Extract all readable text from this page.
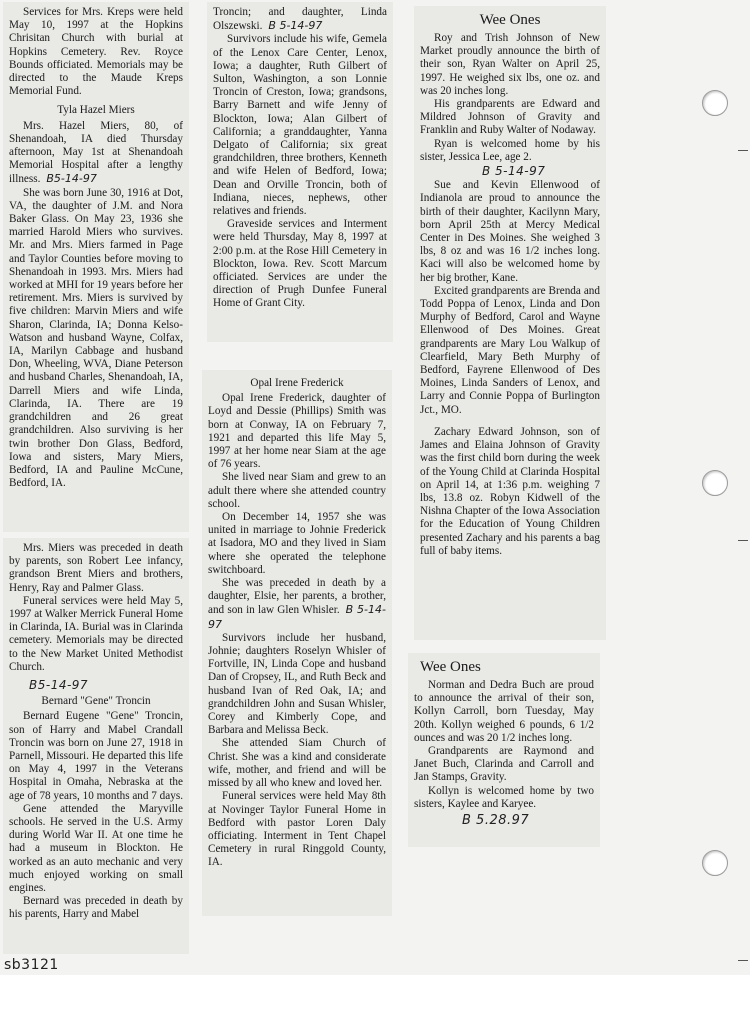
Services for Mrs. Kreps were held May 10, 1997 at the Hopkins Chrisitan Church with burial at Hopkins Cemetery. Rev. Royce Bounds officiated. Memorials may be directed to the Maude Kreps Memorial Fund.

Tyla Hazel Miers

Mrs. Hazel Miers, 80, of Shenandoah, IA died Thursday afternoon, May 1st at Shenandoah Memorial Hospital after a lengthy illness. B5-14-97

She was born June 30, 1916 at Dot, VA, the daughter of J.M. and Nora Baker Glass. On May 23, 1936 she married Harold Miers who survives. Mr. and Mrs. Miers farmed in Page and Taylor Counties before moving to Shenandoah in 1993. Mrs. Miers had worked at MHI for 19 years before her retirement. Mrs. Miers is survived by five children: Marvin Miers and wife Sharon, Clarinda, IA; Donna Kelso-Watson and husband Wayne, Colfax, IA, Marilyn Cabbage and husband Don, Wheeling, WVA, Diane Peterson and husband Charles, Shenandoah, IA, Darrell Miers and wife Linda, Clarinda, IA. There are 19 grandchildren and 26 great grandchildren. Also surviving is her twin brother Don Glass, Bedford, Iowa and sisters, Mary Miers, Bedford, IA and Pauline McCune, Bedford, IA.

Mrs. Miers was preceded in death by parents, son Robert Lee infancy, grandson Brent Miers and brothers, Henry, Ray and Palmer Glass.

Funeral services were held May 5, 1997 at Walker Merrick Funeral Home in Clarinda, IA. Burial was in Clarinda cemetery. Memorials may be directed to the New Market United Methodist Church.

B5-14-97
Bernard "Gene" Troncin

Bernard Eugene "Gene" Troncin, son of Harry and Mabel Crandall Troncin was born on June 27, 1918 in Parnell, Missouri. He departed this life on May 4, 1997 in the Veterans Hospital in Omaha, Nebraska at the age of 78 years, 10 months and 7 days.

Gene attended the Maryville schools. He served in the U.S. Army during World War II. At one time he had a museum in Blockton. He worked as an auto mechanic and very much enjoyed working on small engines.

Bernard was preceded in death by his parents, Harry and Mabel

Troncin; and daughter, Linda Olszewski. B 5-14-97

Survivors include his wife, Gemela of the Lenox Care Center, Lenox, Iowa; a daughter, Ruth Gilbert of Sulton, Washington, a son Lonnie Troncin of Creston, Iowa; grandsons, Barry Barnett and wife Jenny of Blockton, Iowa; Alan Gilbert of California; a granddaughter, Yanna Delgato of California; six great grandchildren, three brothers, Kenneth and wife Helen of Bedford, Iowa; Dean and Orville Troncin, both of Indiana, nieces, nephews, other relatives and friends.

Graveside services and Interment were held Thursday, May 8, 1997 at 2:00 p.m. at the Rose Hill Cemetery in Blockton, Iowa. Rev. Scott Marcum officiated. Services are under the direction of Prugh Dunfee Funeral Home of Grant City.

Opal Irene Frederick

Opal Irene Frederick, daughter of Loyd and Dessie (Phillips) Smith was born at Conway, IA on February 7, 1921 and departed this life May 5, 1997 at her home near Siam at the age of 76 years.

She lived near Siam and grew to an adult there where she attended country school.

On December 14, 1957 she was united in marriage to Johnie Frederick at Isadora, MO and they lived in Siam where she operated the telephone switchboard.

She was preceded in death by a daughter, Elsie, her parents, a brother, and son in law Glen Whisler. B 5-14-97

Survivors include her husband, Johnie; daughters Roselyn Whisler of Fortville, IN, Linda Cope and husband Dan of Cropsey, IL, and Ruth Beck and husband Ivan of Red Oak, IA; and grandchildren John and Susan Whisler, Corey and Kimberly Cope, and Barbara and Melissa Beck.

She attended Siam Church of Christ. She was a kind and considerate wife, mother, and friend and will be missed by all who knew and loved her.

Funeral services were held May 8th at Novinger Taylor Funeral Home in Bedford with pastor Loren Daly officiating. Interment in Tent Chapel Cemetery in rural Ringgold County, IA.

Wee Ones

Roy and Trish Johnson of New Market proudly announce the birth of their son, Ryan Walter on April 25, 1997. He weighed six lbs, one oz. and was 20 inches long.

His grandparents are Edward and Mildred Johnson of Gravity and Franklin and Ruby Walter of Nodaway.

Ryan is welcomed home by his sister, Jessica Lee, age 2.

B 5-14-97

Sue and Kevin Ellenwood of Indianola are proud to announce the birth of their daughter, Kacilynn Mary, born April 25th at Mercy Medical Center in Des Moines. She weighed 3 lbs, 8 oz and was 16 1/2 inches long. Kaci will also be welcomed home by her big brother, Kane.

Excited grandparents are Brenda and Todd Poppa of Lenox, Linda and Don Murphy of Bedford, Carol and Wayne Ellenwood of Des Moines. Great grandparents are Mary Lou Walkup of Clearfield, Mary Beth Murphy of Bedford, Fayrene Ellenwood of Des Moines, Linda Sanders of Lenox, and Larry and Connie Poppa of Burlington Jct., MO.

Zachary Edward Johnson, son of James and Elaina Johnson of Gravity was the first child born during the week of the Young Child at Clarinda Hospital on April 14, at 1:36 p.m. weighing 7 lbs, 13.8 oz. Robyn Kidwell of the Nishna Chapter of the Iowa Association for the Education of Young Children presented Zachary and his parents a bag full of baby items.

Wee Ones

Norman and Dedra Buch are proud to announce the arrival of their son, Kollyn Carroll, born Tuesday, May 20th. Kollyn weighed 6 pounds, 6 1/2 ounces and was 20 1/2 inches long.

Grandparents are Raymond and Janet Buch, Clarinda and Carroll and Jan Stamps, Gravity.

Kollyn is welcomed home by two sisters, Kaylee and Karyee.

B 5.28.97
sb3121
